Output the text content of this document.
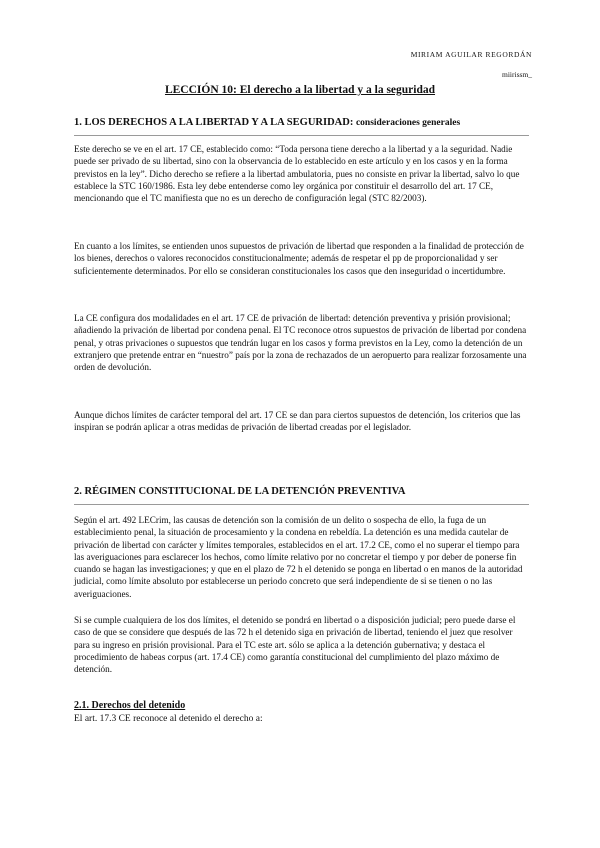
MIRIAM AGUILAR REGORDÁN
miirissm_
LECCIÓN 10: El derecho a la libertad y a la seguridad
1. LOS DERECHOS A LA LIBERTAD Y A LA SEGURIDAD: consideraciones generales

Este derecho se ve en el art. 17 CE, establecido como: “Toda persona tiene derecho a la libertad y a la seguridad. Nadie puede ser privado de su libertad, sino con la observancia de lo establecido en este artículo y en los casos y en la forma previstos en la ley”. Dicho derecho se refiere a la libertad ambulatoria, pues no consiste en privar la libertad, salvo lo que establece la STC 160/1986. Esta ley debe entenderse como ley orgánica por constituir el desarrollo del art. 17 CE, mencionando que el TC manifiesta que no es un derecho de configuración legal (STC 82/2003).

En cuanto a los límites, se entienden unos supuestos de privación de libertad que responden a la finalidad de protección de los bienes, derechos o valores reconocidos constitucionalmente; además de respetar el pp de proporcionalidad y ser suficientemente determinados. Por ello se consideran constitucionales los casos que den inseguridad o incertidumbre.

La CE configura dos modalidades en el art. 17 CE de privación de libertad: detención preventiva y prisión provisional; añadiendo la privación de libertad por condena penal. El TC reconoce otros supuestos de privación de libertad por condena penal, y otras privaciones o supuestos que tendrán lugar en los casos y forma previstos en la Ley, como la detención de un extranjero que pretende entrar en “nuestro” país por la zona de rechazados de un aeropuerto para realizar forzosamente una orden de devolución.

Aunque dichos límites de carácter temporal del art. 17 CE se dan para ciertos supuestos de detención, los criterios que las inspiran se podrán aplicar a otras medidas de privación de libertad creadas por el legislador.

2. RÉGIMEN CONSTITUCIONAL DE LA DETENCIÓN PREVENTIVA

Según el art. 492 LECrim, las causas de detención son la comisión de un delito o sospecha de ello, la fuga de un establecimiento penal, la situación de procesamiento y la condena en rebeldía. La detención es una medida cautelar de privación de libertad con carácter y límites temporales, establecidos en el art. 17.2 CE, como el no superar el tiempo para las averiguaciones para esclarecer los hechos, como límite relativo por no concretar el tiempo y por deber de ponerse fin cuando se hagan las investigaciones; y que en el plazo de 72 h el detenido se ponga en libertad o en manos de la autoridad judicial, como límite absoluto por establecerse un periodo concreto que será independiente de si se tienen o no las averiguaciones.

Si se cumple cualquiera de los dos límites, el detenido se pondrá en libertad o a disposición judicial; pero puede darse el caso de que se considere que después de las 72 h el detenido siga en privación de libertad, teniendo el juez que resolver para su ingreso en prisión provisional. Para el TC este art. sólo se aplica a la detención gubernativa; y destaca el procedimiento de habeas corpus (art. 17.4 CE) como garantía constitucional del cumplimiento del plazo máximo de detención.

2.1. Derechos del detenido
El art. 17.3 CE reconoce al detenido el derecho a:
